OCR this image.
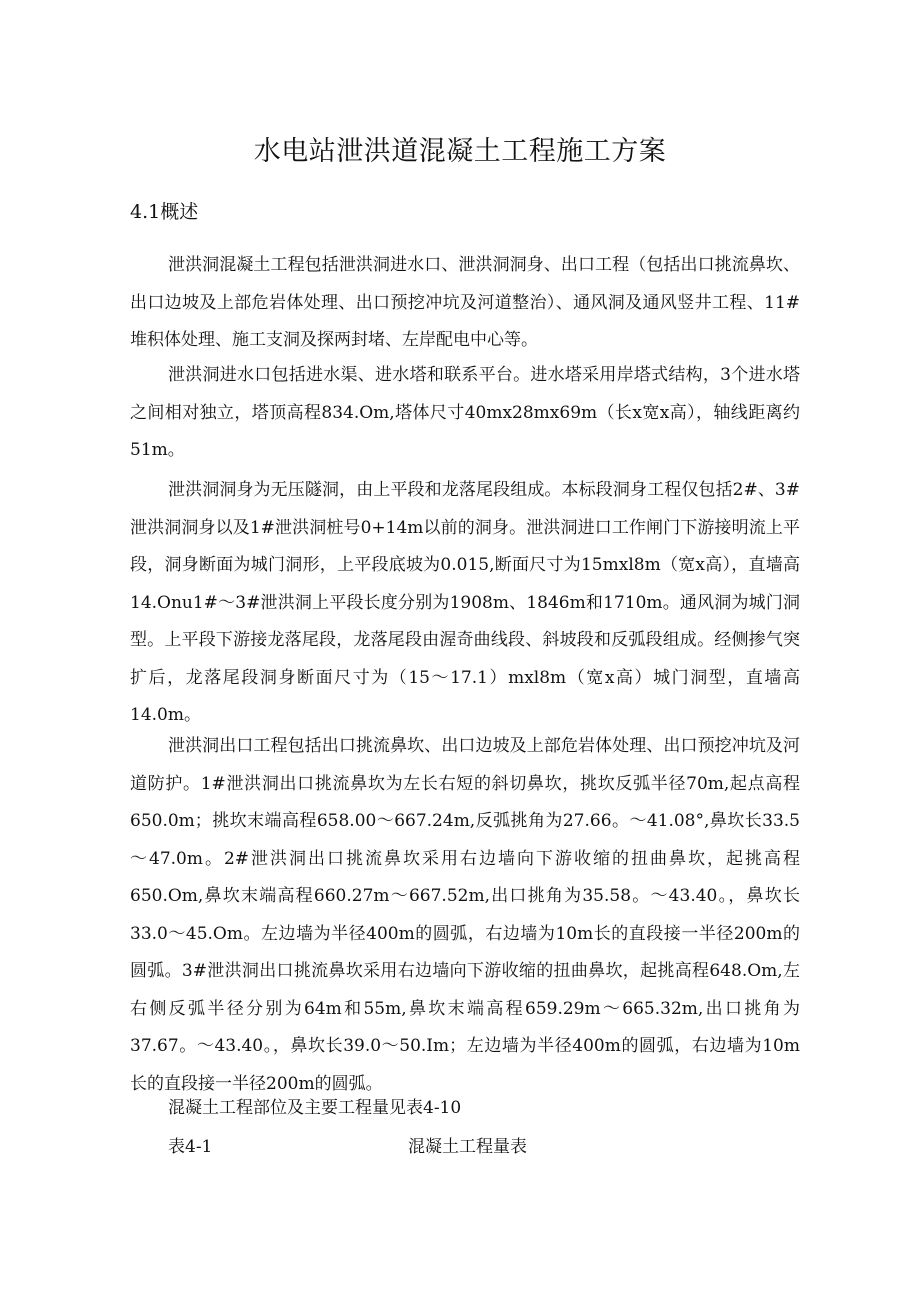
水电站泄洪道混凝土工程施工方案
4.1概述

泄洪洞混凝土工程包括泄洪洞进水口、泄洪洞洞身、出口工程（包括出口挑流鼻坎、出口边坡及上部危岩体处理、出口预挖冲坑及河道整治）、通风洞及通风竖井工程、11#堆积体处理、施工支洞及探两封堵、左岸配电中心等。

泄洪洞进水口包括进水渠、进水塔和联系平台。进水塔采用岸塔式结构，3个进水塔之间相对独立，塔顶高程834.Om,塔体尺寸40mx28mx69m（长x宽x高），轴线距离约51m。

泄洪洞洞身为无压隧洞，由上平段和龙落尾段组成。本标段洞身工程仅包括2#、3#泄洪洞洞身以及1#泄洪洞桩号0+14m以前的洞身。泄洪洞进口工作闸门下游接明流上平段，洞身断面为城门洞形，上平段底坡为0.015,断面尺寸为15mxl8m（宽x高），直墙高14.Onu1#～3#泄洪洞上平段长度分别为1908m、1846m和1710m。通风洞为城门洞型。上平段下游接龙落尾段，龙落尾段由渥奇曲线段、斜坡段和反弧段组成。经侧掺气突扩后，龙落尾段洞身断面尺寸为（15～17.1）mxl8m（宽x高）城门洞型，直墙高14.0m。

泄洪洞出口工程包括出口挑流鼻坎、出口边坡及上部危岩体处理、出口预挖冲坑及河道防护。1#泄洪洞出口挑流鼻坎为左长右短的斜切鼻坎，挑坎反弧半径70m,起点高程650.0m；挑坎末端高程658.00～667.24m,反弧挑角为27.66。～41.08°,鼻坎长33.5～47.0m。2#泄洪洞出口挑流鼻坎采用右边墙向下游收缩的扭曲鼻坎，起挑高程650.Om,鼻坎末端高程660.27m～667.52m,出口挑角为35.58。～43.40。，鼻坎长33.0～45.Om。左边墙为半径400m的圆弧，右边墙为10m长的直段接一半径200m的圆弧。3#泄洪洞出口挑流鼻坎采用右边墙向下游收缩的扭曲鼻坎，起挑高程648.Om,左右侧反弧半径分别为64m和55m,鼻坎末端高程659.29m～665.32m,出口挑角为37.67。～43.40。，鼻坎长39.0～50.Im；左边墙为半径400m的圆弧，右边墙为10m长的直段接一半径200m的圆弧。

混凝土工程部位及主要工程量见表4-10

表4-1	混凝土工程量表
